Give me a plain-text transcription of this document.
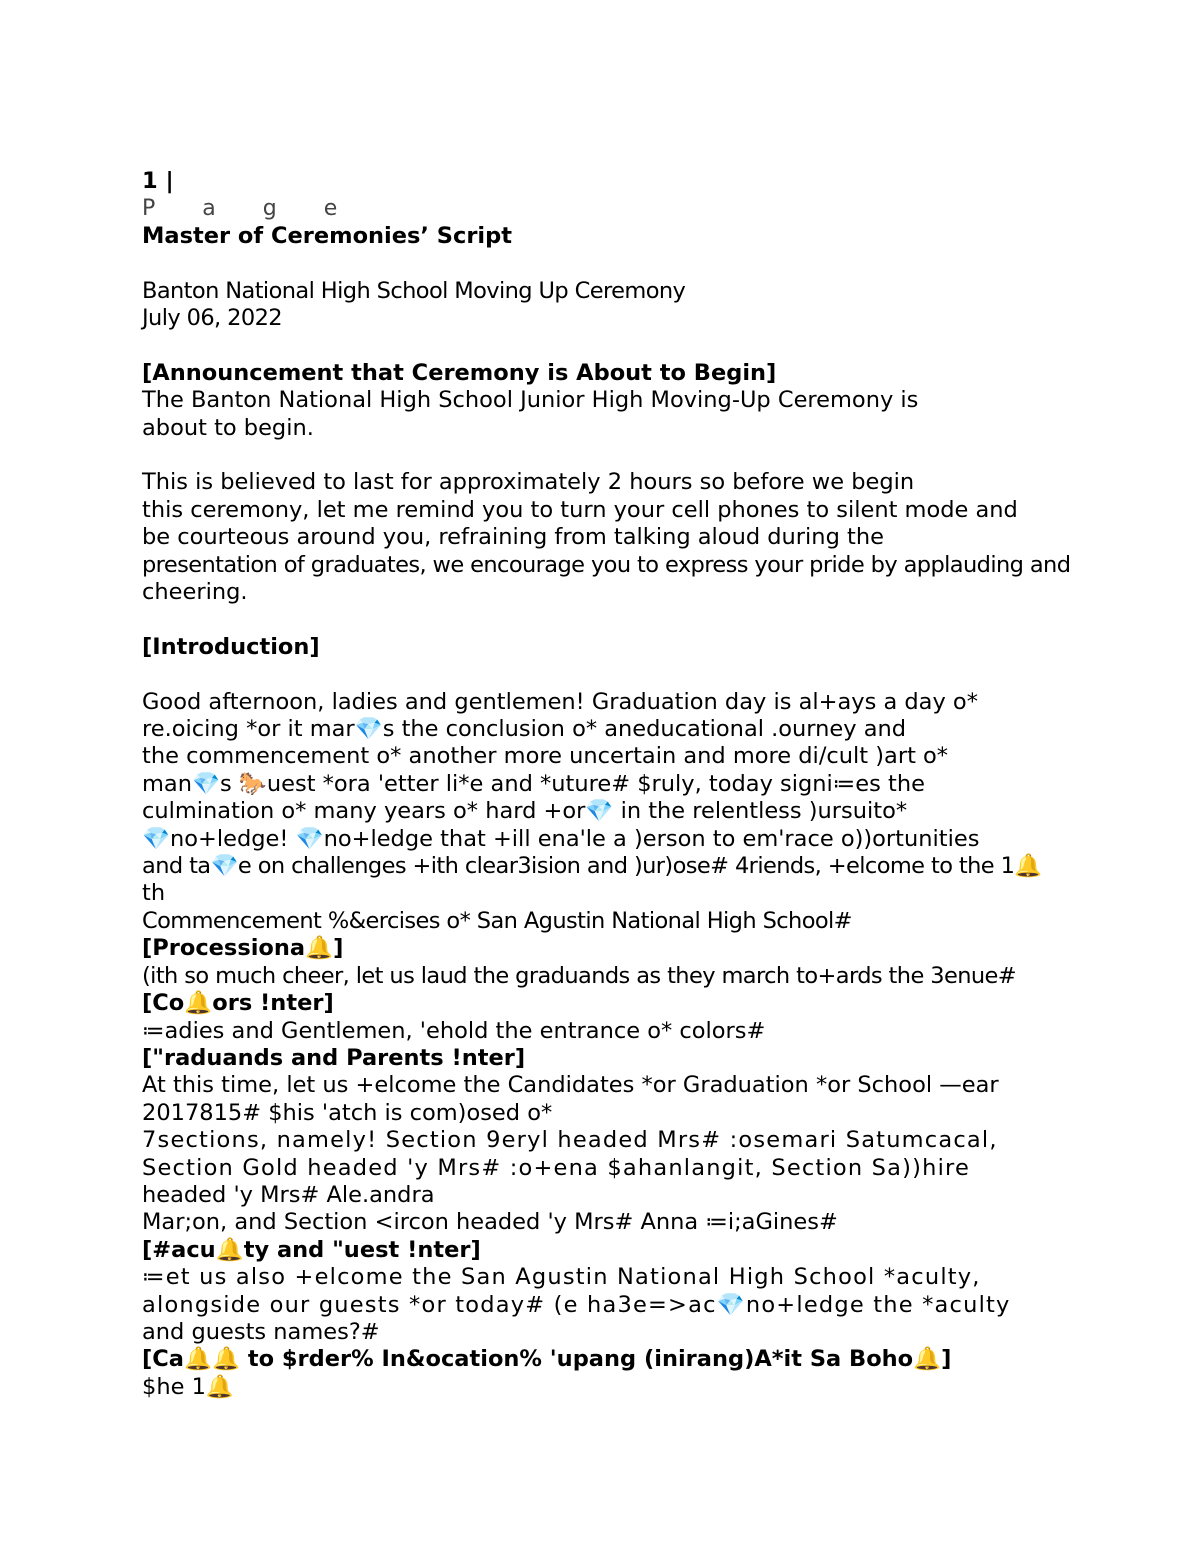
1 |
P a g e
Master of Ceremonies’ Script
Banton National High School Moving Up Ceremony
July 06, 2022
[Announcement that Ceremony is About to Begin]
The Banton National High School Junior High Moving-Up Ceremony is
about to begin.
This is believed to last for approximately 2 hours so before we begin
this ceremony, let me remind you to turn your cell phones to silent mode and
be courteous around you, refraining from talking aloud during the
presentation of graduates, we encourage you to express your pride by applauding and
cheering.
[Introduction]
Good afternoon, ladies and gentlemen! Graduation day is al+ays a day o*
re.oicing *or it mar💎s the conclusion o* aneducational .ourney and
the commencement o* another more uncertain and more di/cult )art o*
man💎s 🐎uest *ora 'etter li*e and *uture# $ruly, today signi≔es the
culmination o* many years o* hard +or💎 in the relentless )ursuito*
💎no+ledge! 💎no+ledge that +ill ena'le a )erson to em'race o))ortunities
and ta💎e on challenges +ith clear3ision and )ur)ose# 4riends, +elcome to the 1🔔
th
Commencement %&ercises o* San Agustin National High School#
[Processiona🔔]
(ith so much cheer, let us laud the graduands as they march to+ards the 3enue#
[Co🔔ors !nter]
≔adies and Gentlemen, 'ehold the entrance o* colors#
["raduands and Parents !nter]
At this time, let us +elcome the Candidates *or Graduation *or School —ear
2017815# $his 'atch is com)osed o*
7sections, namely! Section 9eryl headed Mrs# :osemari Satumcacal,
Section Gold headed 'y Mrs# :o+ena $ahanlangit, Section Sa))hire
headed 'y Mrs# Ale.andra
Mar;on, and Section <ircon headed 'y Mrs# Anna ≔i;aGines#
[#acu🔔ty and "uest !nter]
≔et us also +elcome the San Agustin National High School *aculty,
alongside our guests *or today# (e ha3e=>ac💎no+ledge the *aculty
and guests names?#
[Ca🔔🔔 to $rder% In&ocation% 'upang (inirang)A*it Sa Boho🔔]
$he 1🔔
